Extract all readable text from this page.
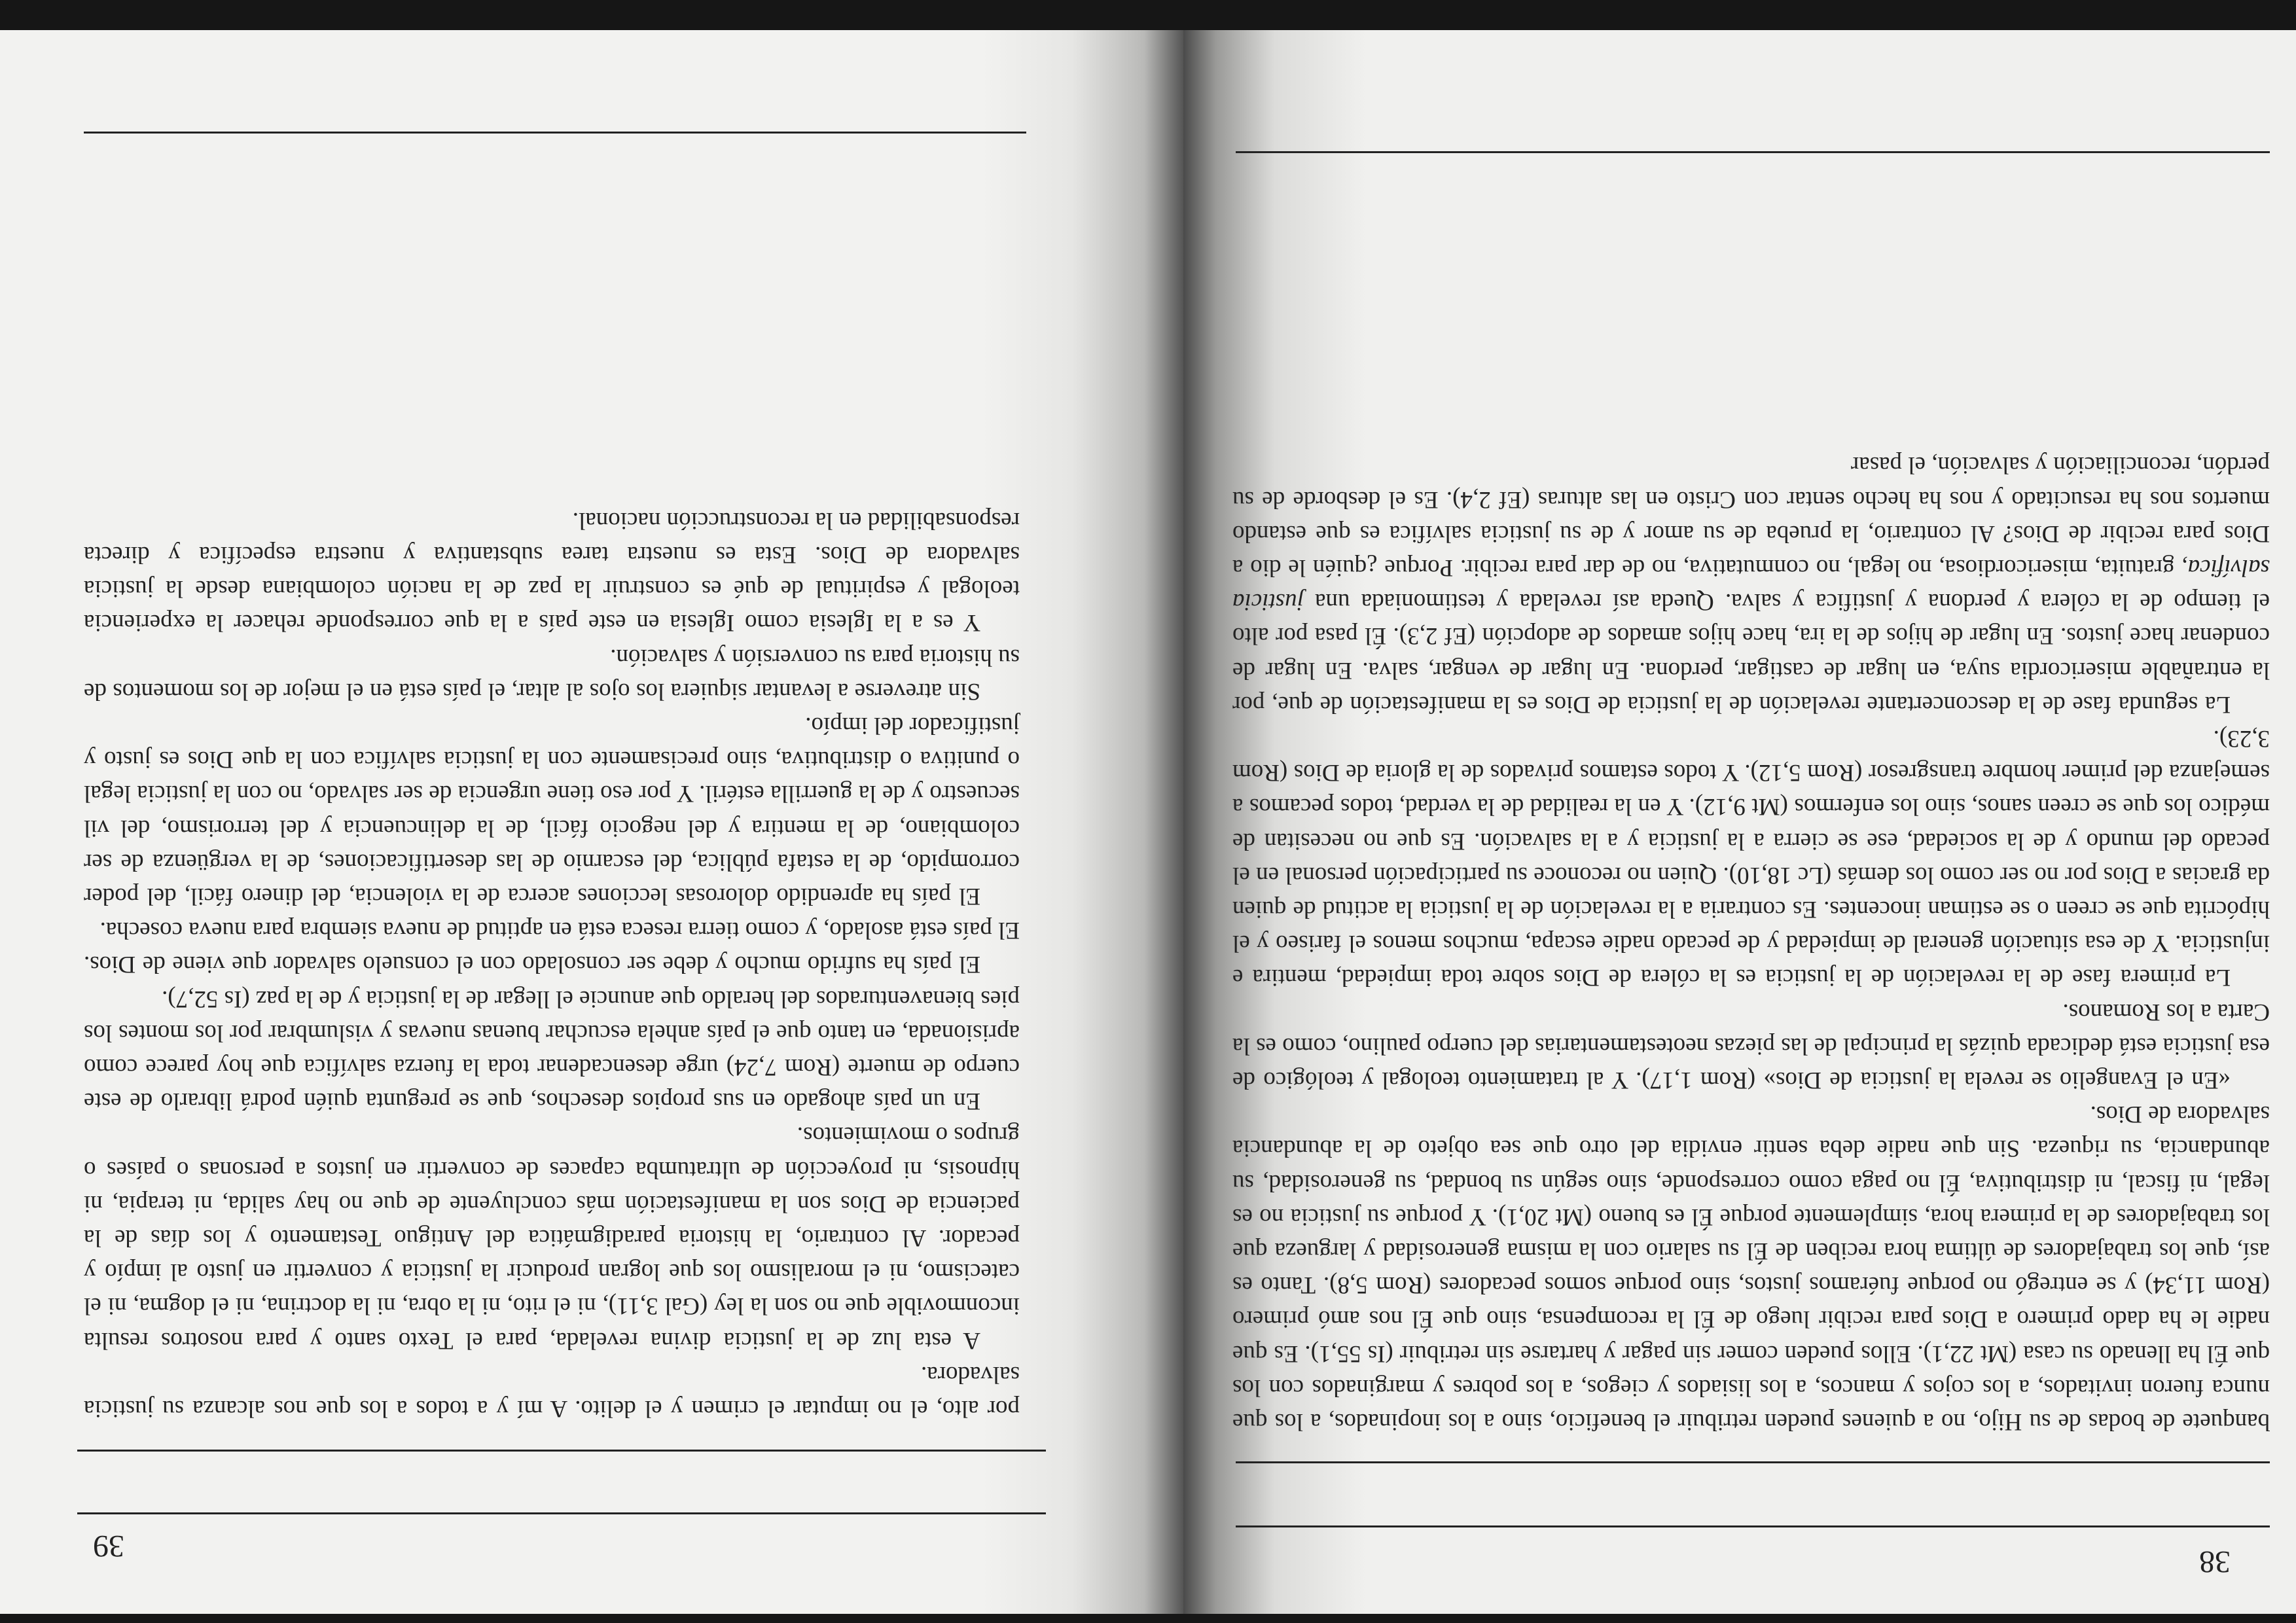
39

por alto, el no imputar el crimen y el delito. A mí y a todos a los que nos alcanza su justicia salvadora.

A esta luz de la justicia divina revelada, para el Texto santo y para nosotros resulta inconmovible que no son la ley (Gal 3,11), ni el rito, ni la obra, ni la doctrina, ni el dogma, ni el catecismo, ni el moralismo los que logran producir la justicia y convertir en justo al impío y pecador. Al contrario, la historia paradigmática del Antiguo Testamento y los días de la paciencia de Dios son la manifestación más concluyente de que no hay salida, ni terapia, ni hipnosis, ni proyección de ultratumba capaces de convertir en justos a personas o países o grupos o movimientos.

En un país ahogado en sus propios desechos, que se pregunta quién podrá librarlo de este cuerpo de muerte (Rom 7,24) urge desencadenar toda la fuerza salvífica que hoy parece como aprisionada, en tanto que el país anhela escuchar buenas nuevas y vislumbrar por los montes los pies bienaventurados del heraldo que anuncie el llegar de la justicia y de la paz (Is 52,7).

El país ha sufrido mucho y debe ser consolado con el consuelo salvador que viene de Dios. El país está asolado, y como tierra reseca está en aptitud de nueva siembra para nueva cosecha.

El país ha aprendido dolorosas lecciones acerca de la violencia, del dinero fácil, del poder corrompido, de la estafa pública, del escarnio de las desertificaciones, de la vergüenza de ser colombiano, de la mentira y del negocio fácil, de la delincuencia y del terrorismo, del vil secuestro y de la guerrilla estéril. Y por eso tiene urgencia de ser salvado, no con la justicia legal o punitiva o distributiva, sino precisamente con la justicia salvífica con la que Dios es justo y justificador del impío.

Sin atreverse a levantar siquiera los ojos al altar, el país está en el mejor de los momentos de su historia para su conversión y salvación.

Y es a la Iglesia como Iglesia en este país a la que corresponde rehacer la experiencia teologal y espiritual de qué es construir la paz de la nación colombiana desde la justicia salvadora de Dios. Esta es nuestra tarea substantiva y nuestra específica y directa responsabilidad en la reconstrucción nacional.

38

banquete de bodas de su Hijo, no a quienes pueden retribuir el beneficio, sino a los inopinados, a los que nunca fueron invitados, a los cojos y mancos, a los lisiados y ciegos, a los pobres y marginados con los que Él ha llenado su casa (Mt 22,1). Ellos pueden comer sin pagar y hartarse sin retribuir (Is 55,1). Es que nadie le ha dado primero a Dios para recibir luego de Él la recompensa, sino que Él nos amó primero (Rom 11,34) y se entregó no porque fuéramos justos, sino porque somos pecadores (Rom 5,8). Tanto es así, que los trabajadores de última hora reciben de Él su salario con la misma generosidad y largueza que los trabajadores de la primera hora, simplemente porque Él es bueno (Mt 20,1). Y porque su justicia no es legal, ni fiscal, ni distributiva, Él no paga como corresponde, sino según su bondad, su generosidad, su abundancia, su riqueza. Sin que nadie deba sentir envidia del otro que sea objeto de la abundancia salvadora de Dios.

«En el Evangelio se revela la justicia de Dios» (Rom 1,17). Y al tratamiento teologal y teológico de esa justicia está dedicada quizás la principal de las piezas neotestamentarias del cuerpo paulino, como es la Carta a los Romanos.

La primera fase de la revelación de la justicia es la cólera de Dios sobre toda impiedad, mentira e injusticia. Y de esa situación general de impiedad y de pecado nadie escapa, muchos menos el fariseo y el hipócrita que se creen o se estiman inocentes. Es contraria a la revelación de la justicia la actitud de quien da gracias a Dios por no ser como los demás (Lc 18,10). Quien no reconoce su participación personal en el pecado del mundo y de la sociedad, ese se cierra a la justicia y a la salvación. Es que no necesitan de médico los que se creen sanos, sino los enfermos (Mt 9,12). Y en la realidad de la verdad, todos pecamos a semejanza del primer hombre transgresor (Rom 5,12). Y todos estamos privados de la gloria de Dios (Rom 3,23).

La segunda fase de la desconcertante revelación de la justicia de Dios es la manifestación de que, por la entrañable misericordia suya, en lugar de castigar, perdona. En lugar de vengar, salva. En lugar de condenar hace justos. En lugar de hijos de la ira, hace hijos amados de adopción (Ef 2,3). Él pasa por alto el tiempo de la cólera y perdona y justifica y salva. Queda así revelada y testimoniada una justicia salvífica, gratuita, misericordiosa, no legal, no conmutativa, no de dar para recibir. Porque ¿quién le dio a Dios para recibir de Dios? Al contrario, la prueba de su amor y de su justicia salvífica es que estando muertos nos ha resucitado y nos ha hecho sentar con Cristo en las alturas (Ef 2,4). Es el desborde de su perdón, reconciliación y salvación, el pasar
